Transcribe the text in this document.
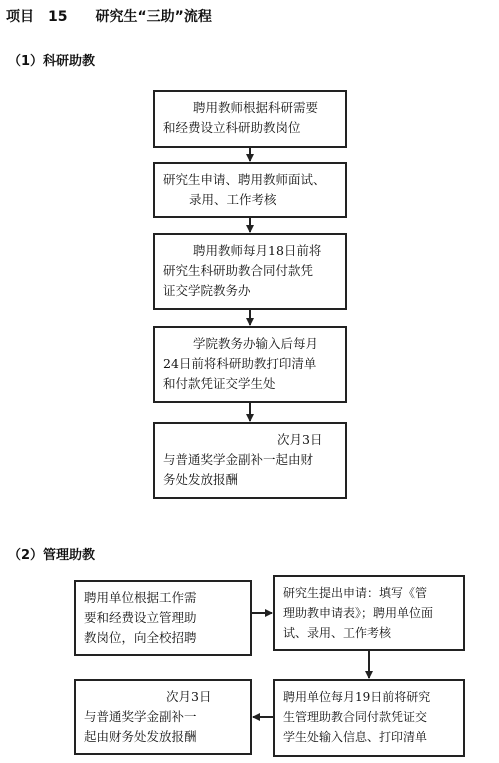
项目　15　　研究生“三助”流程
（1）科研助教
聘用教师根据科研需要
和经费设立科研助教岗位
研究生申请、聘用教师面试、
录用、工作考核
聘用教师每月18日前将
研究生科研助教合同付款凭
证交学院教务办
学院教务办输入后每月
24日前将科研助教打印清单
和付款凭证交学生处
次月3日
与普通奖学金副补一起由财
务处发放报酬
（2）管理助教
聘用单位根据工作需
要和经费设立管理助
教岗位，向全校招聘
研究生提出申请：填写《管
理助教申请表》；聘用单位面
试、录用、工作考核
聘用单位每月19日前将研究
生管理助教合同付款凭证交
学生处输入信息、打印清单
次月3日
与普通奖学金副补一
起由财务处发放报酬
